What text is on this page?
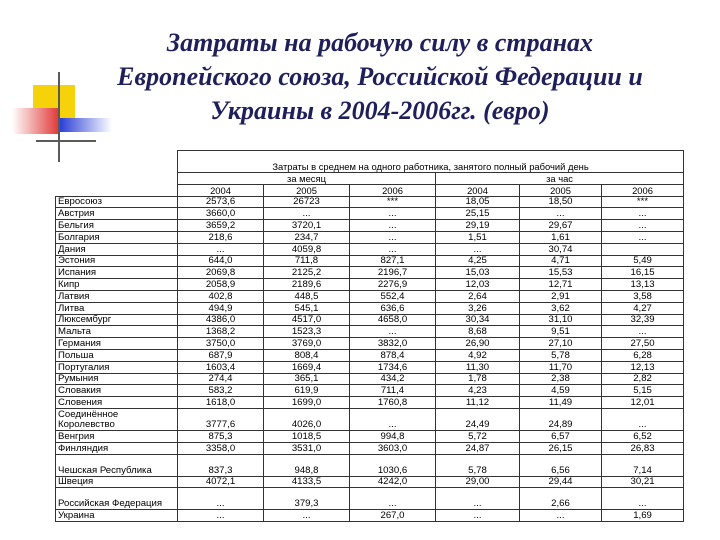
Затраты на рабочую силу в странах
Европейского союза, Российской Федерации и
Украины в 2004-2006гг. (евро)
	Затраты в среднем на одного работника, занятого полный рабочий день					
	за месяц			за час		
	2004	2005	2006	2004	2005	2006
Евросоюз	2573,6	26723	***	18,05	18,50	***
Австрия	3660,0	...	...	25,15	...	...
Бельгия	3659,2	3720,1	...	29,19	29,67	...
Болгария	218,6	234,7	...	1,51	1,61	...
Дания	...	4059,8	...	...	30,74	
Эстония	644,0	711,8	827,1	4,25	4,71	5,49
Испания	2069,8	2125,2	2196,7	15,03	15,53	16,15
Кипр	2058,9	2189,6	2276,9	12,03	12,71	13,13
Латвия	402,8	448,5	552,4	2,64	2,91	3,58
Литва	494,9	545,1	636,6	3,26	3,62	4,27
Люксембург	4386,0	4517,0	4658,0	30,34	31,10	32,39
Мальта	1368,2	1523,3	...	8,68	9,51	...
Германия	3750,0	3769,0	3832,0	26,90	27,10	27,50
Польша	687,9	808,4	878,4	4,92	5,78	6,28
Португалия	1603,4	1669,4	1734,6	11,30	11,70	12,13
Румыния	274,4	365,1	434,2	1,78	2,38	2,82
Словакия	583,2	619,9	711,4	4,23	4,59	5,15
Словения	1618,0	1699,0	1760,8	11,12	11,49	12,01
Соединённое Королевство	3777,6	4026,0	...	24,49	24,89	...
Венгрия	875,3	1018,5	994,8	5,72	6,57	6,52
Финляндия	3358,0	3531,0	3603,0	24,87	26,15	26,83
Чешская Республика	837,3	948,8	1030,6	5,78	6,56	7,14
Швеция	4072,1	4133,5	4242,0	29,00	29,44	30,21
Российская Федерация	...	379,3	...	...	2,66	...
Украина	...	...	267,0	...	...	1,69
